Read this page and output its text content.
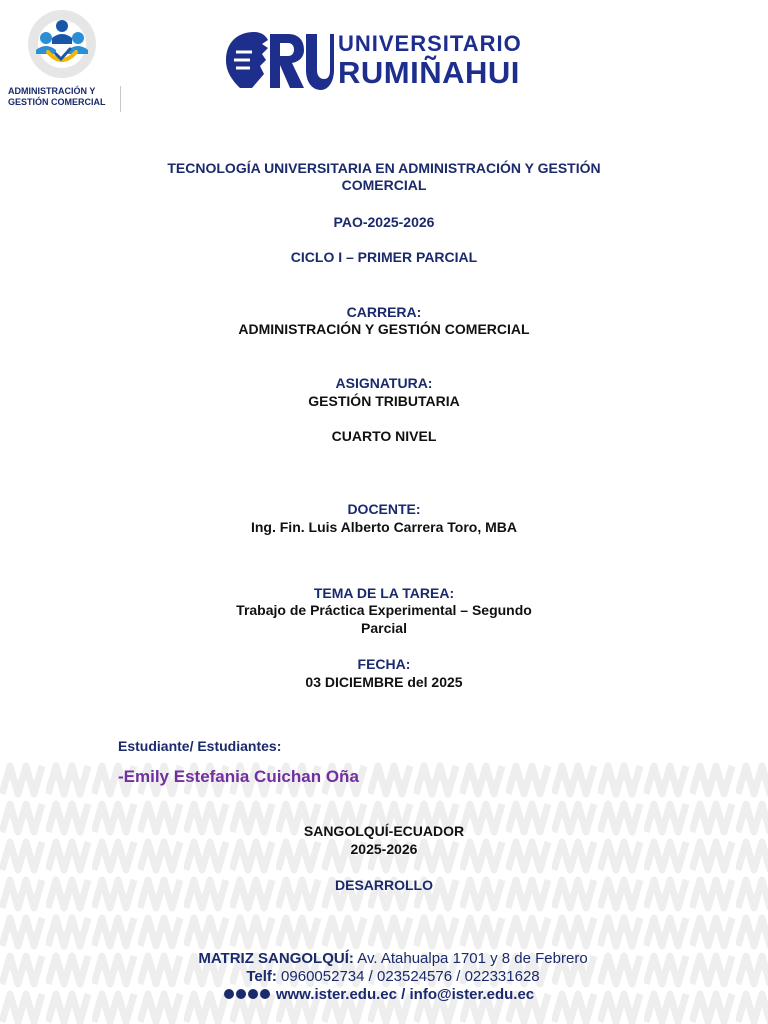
ADMINISTRACIÓN Y GESTIÓN COMERCIAL
UNIVERSITARIO
RUMIÑAHUI
TECNOLOGÍA UNIVERSITARIA EN ADMINISTRACIÓN Y GESTIÓN
COMERCIAL
PAO-2025-2026
CICLO I – PRIMER PARCIAL
CARRERA:
ADMINISTRACIÓN Y GESTIÓN COMERCIAL
ASIGNATURA:
GESTIÓN TRIBUTARIA
CUARTO NIVEL
DOCENTE:
Ing. Fin. Luis Alberto Carrera Toro, MBA
TEMA DE LA TAREA:
Trabajo de Práctica Experimental – Segundo
Parcial
FECHA:
03 DICIEMBRE del 2025
Estudiante/ Estudiantes:
-Emily Estefania Cuichan Oña
SANGOLQUÍ-ECUADOR
2025-2026
DESARROLLO
MATRIZ SANGOLQUÍ: Av. Atahualpa 1701 y 8 de Febrero
Telf: 0960052734 / 023524576 / 022331628
www.ister.edu.ec / info@ister.edu.ec
